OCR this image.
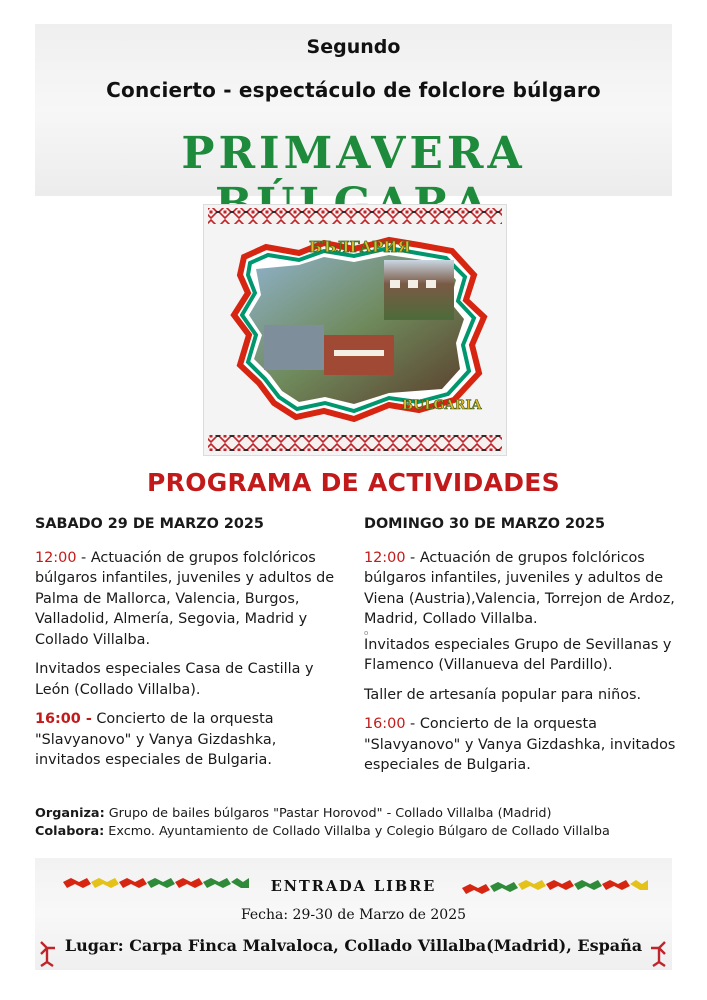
Segundo
Concierto - espectáculo de folclore búlgaro
PRIMAVERA
БЪЛГАРИЯ
BULGARIA
PROGRAMA DE ACTIVIDADES
SABADO 29 DE MARZO 2025

12:00 - Actuación de grupos folclóricos búlgaros infantiles, juveniles y adultos de Palma de Mallorca, Valencia, Burgos, Valladolid, Almería, Segovia, Madrid y Collado Villalba.

Invitados especiales Casa de Castilla y León (Collado Villalba).

16:00 - Concierto de la orquesta "Slavyanovo" y Vanya Gizdashka, invitados especiales de Bulgaria.

DOMINGO 30 DE MARZO 2025

12:00 - Actuación de grupos folclóricos búlgaros infantiles, juveniles y adultos de Viena (Austria),Valencia, Torrejon de Ardoz, Madrid, Collado Villalba.

o

Invitados especiales Grupo de Sevillanas y Flamenco (Villanueva del Pardillo).

Taller de artesanía popular para niños.

16:00 - Concierto de la orquesta "Slavyanovo" y Vanya Gizdashka, invitados especiales de Bulgaria.

Organiza: Grupo de bailes búlgaros "Pastar Horovod" - Collado Villalba (Madrid)
Colabora: Excmo. Ayuntamiento de Collado Villalba y Colegio Búlgaro de Collado Villalba
ENTRADA LIBRE
Fecha: 29-30 de Marzo de 2025
Lugar: Carpa Finca Malvaloca, Collado Villalba(Madrid), España
